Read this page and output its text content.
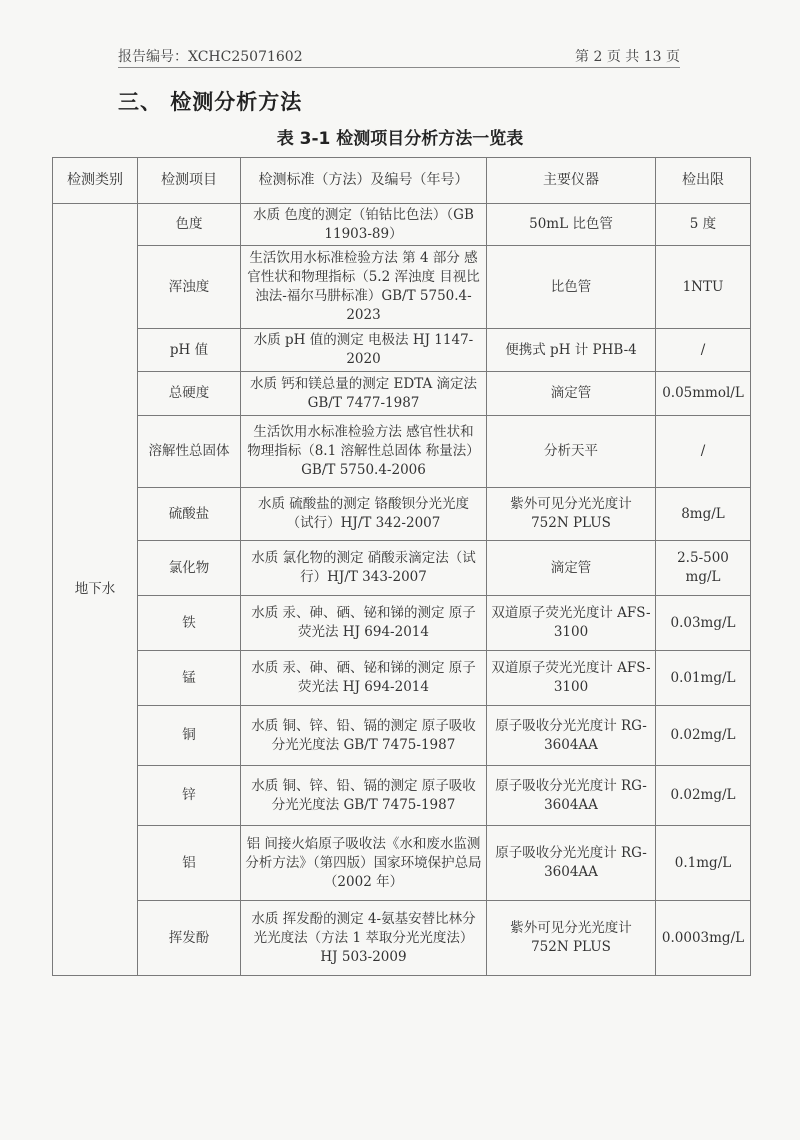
报告编号：XCHC25071602	第 2 页 共 13 页
三、 检测分析方法
表 3-1 检测项目分析方法一览表
检测类别	检测项目	检测标准（方法）及编号（年号）	主要仪器	检出限
地下水	色度	水质 色度的测定（铂钴比色法）（GB 11903-89）	50mL 比色管	5 度
	浑浊度	生活饮用水标准检验方法 第 4 部分 感官性状和物理指标（5.2 浑浊度 目视比浊法-福尔马肼标准）GB/T 5750.4-2023	比色管	1NTU
	pH 值	水质 pH 值的测定 电极法 HJ 1147-2020	便携式 pH 计 PHB-4	/
	总硬度	水质 钙和镁总量的测定 EDTA 滴定法 GB/T 7477-1987	滴定管	0.05mmol/L
	溶解性总固体	生活饮用水标准检验方法 感官性状和 物理指标（8.1 溶解性总固体 称量法） GB/T 5750.4-2006	分析天平	/
	硫酸盐	水质 硫酸盐的测定 铬酸钡分光光度（试行）HJ/T 342-2007	紫外可见分光光度计 752N PLUS	8mg/L
	氯化物	水质 氯化物的测定 硝酸汞滴定法（试 行）HJ/T 343-2007	滴定管	2.5-500 mg/L
	铁	水质 汞、砷、硒、铋和锑的测定 原子荧光法 HJ 694-2014	双道原子荧光光度计 AFS-3100	0.03mg/L
	锰	水质 汞、砷、硒、铋和锑的测定 原子荧光法 HJ 694-2014	双道原子荧光光度计 AFS-3100	0.01mg/L
	铜	水质 铜、锌、铅、镉的测定 原子吸收分光光度法 GB/T 7475-1987	原子吸收分光光度计 RG-3604AA	0.02mg/L
	锌	水质 铜、锌、铅、镉的测定 原子吸收分光光度法 GB/T 7475-1987	原子吸收分光光度计 RG-3604AA	0.02mg/L
	铝	铝 间接火焰原子吸收法《水和废水监测分析方法》（第四版）国家环境保护总局（2002 年）	原子吸收分光光度计 RG-3604AA	0.1mg/L
	挥发酚	水质 挥发酚的测定 4-氨基安替比林分 光光度法（方法 1 萃取分光光度法） HJ 503-2009	紫外可见分光光度计 752N PLUS	0.0003mg/L
